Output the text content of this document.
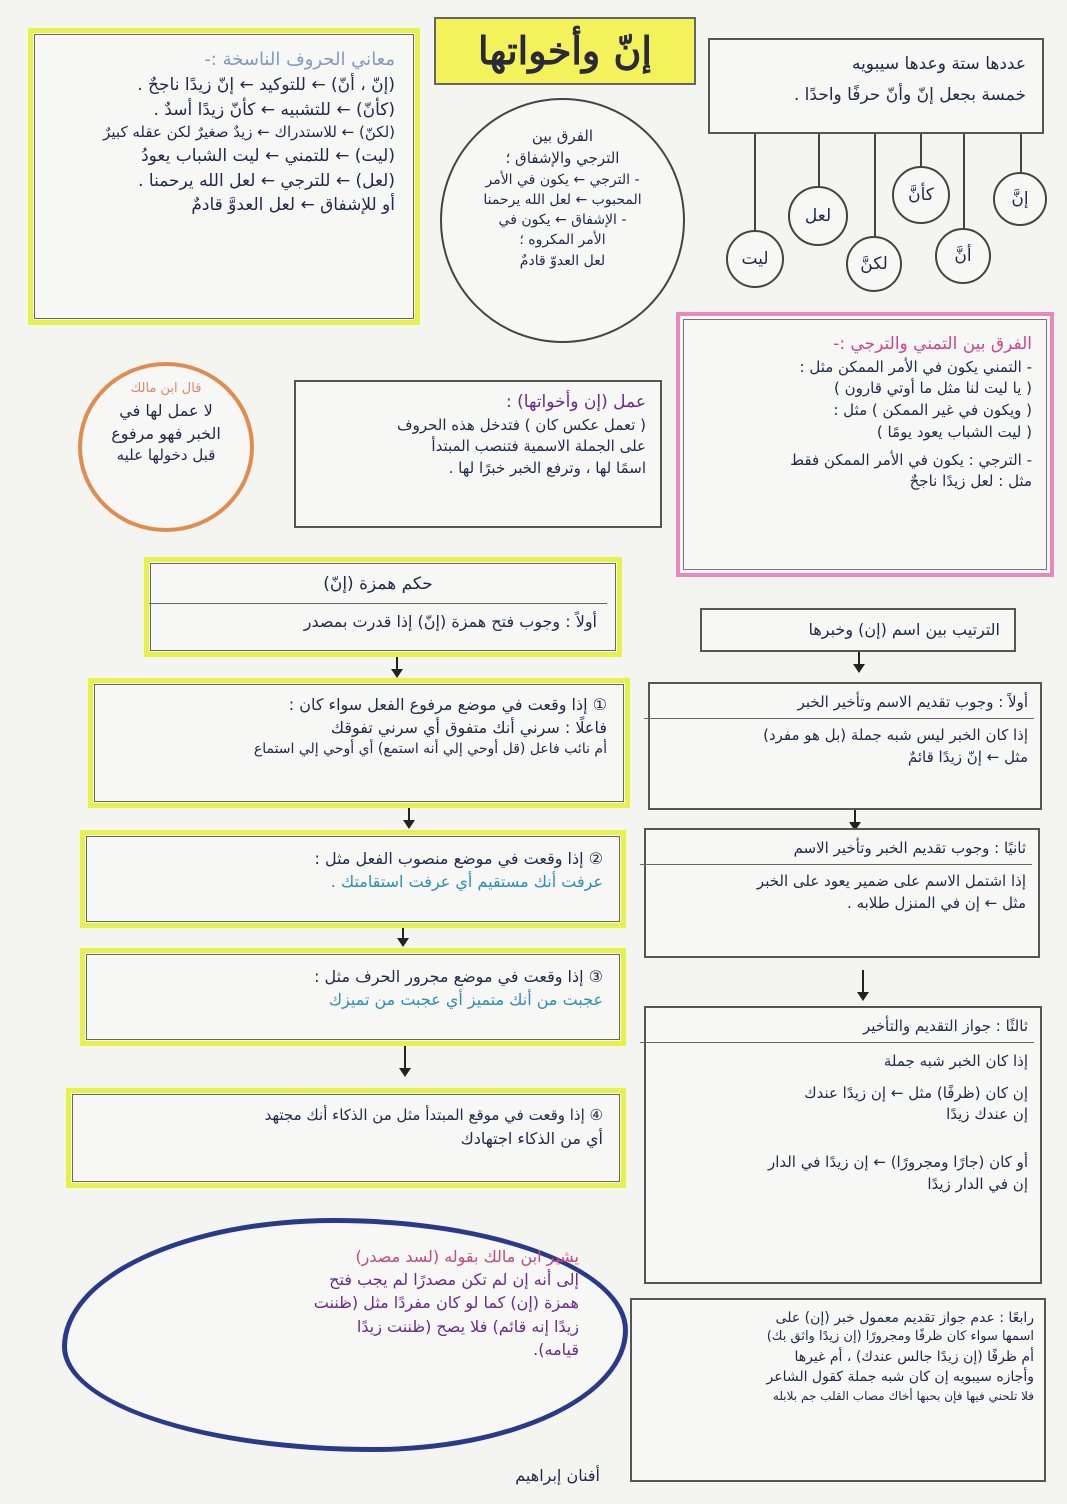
إنّ وأخواتها

معاني الحروف الناسخة :-

(إنّ ، أنّ) ← للتوكيد ← إنّ زيدًا ناجحٌ .

(كأنّ) ← للتشبيه ← كأنّ زيدًا أسدٌ .

(لكنّ) ← للاستدراك ← زيدٌ صغيرٌ لكن عقله كبيرٌ

(ليت) ← للتمني ← ليت الشباب يعودُ

(لعل) ← للترجي ← لعل الله يرحمنا .

أو للإشفاق ← لعل العدوَّ قادمٌ

الفرق بين

الترجي والإشفاق ؛

- الترجي ← يكون في الأمر

المحبوب ← لعل الله يرحمنا

- الإشفاق ← يكون في

الأمر المكروه ؛

لعل العدوّ قادمٌ

عددها ستة وعدها سيبويه

خمسة بجعل إنّ وأنّ حرفًا واحدًا .

إنَّ
كأنَّ
لعل
أنَّ
لكنَّ
ليت

قال ابن مالك

لا عمل لها في

الخبر فهو مرفوع

قبل دخولها عليه

عمل (إن وأخواتها) :

( تعمل عكس كان ) فتدخل هذه الحروف

على الجملة الاسمية فتنصب المبتدأ

اسمًا لها ، وترفع الخبر خبرًا لها .

الفرق بين التمني والترجي :-

- التمني يكون في الأمر الممكن مثل :

( يا ليت لنا مثل ما أوتي قارون )

( ويكون في غير الممكن ) مثل :

( ليت الشباب يعود يومًا )

- الترجي : يكون في الأمر الممكن فقط

مثل : لعل زيدًا ناجحٌ

حكم همزة (إنّ)

أولاً : وجوب فتح همزة (إنّ) إذا قدرت بمصدر

① إذا وقعت في موضع مرفوع الفعل سواء كان :

فاعلًا : سرني أنك متفوق أي سرني تفوقك

أم نائب فاعل (قل أوحي إلي أنه استمع) أي أوحي إلي استماع

② إذا وقعت في موضع منصوب الفعل مثل :

عرفت أنك مستقيم أي عرفت استقامتك .

③ إذا وقعت في موضع مجرور الحرف مثل :

عجبت من أنك متميز أي عجبت من تميزك

④ إذا وقعت في موقع المبتدأ مثل من الذكاء أنك مجتهد

أي من الذكاء اجتهادك

يشير ابن مالك بقوله (لسد مصدر)

إلى أنه إن لم تكن مصدرًا لم يجب فتح

همزة (إن) كما لو كان مفردًا مثل (ظننت

زيدًا إنه قائم) فلا يصح (ظننت زيدًا

قيامه).

أفنان إبراهيم
الترتيب بين اسم (إن) وخبرها

أولاً : وجوب تقديم الاسم وتأخير الخبر

إذا كان الخبر ليس شبه جملة (بل هو مفرد)

مثل ← إنّ زيدًا قائمٌ

ثانيًا : وجوب تقديم الخبر وتأخير الاسم

إذا اشتمل الاسم على ضمير يعود على الخبر

مثل ← إن في المنزل طلابه .

ثالثًا : جواز التقديم والتأخير

إذا كان الخبر شبه جملة

إن كان (ظرفًا) مثل ← إن زيدًا عندك

إن عندك زيدًا

أو كان (جارًا ومجرورًا) ← إن زيدًا في الدار

إن في الدار زيدًا

رابعًا : عدم جواز تقديم معمول خبر (إن) على

اسمها سواء كان ظرفًا ومجرورًا (إن زيدًا واثق بك)

أم ظرفًا (إن زيدًا جالس عندك) ، أم غيرها

وأجازه سيبويه إن كان شبه جملة كقول الشاعر

فلا تلحني فيها فإن بحبها أخاك مصاب القلب جم بلابله
